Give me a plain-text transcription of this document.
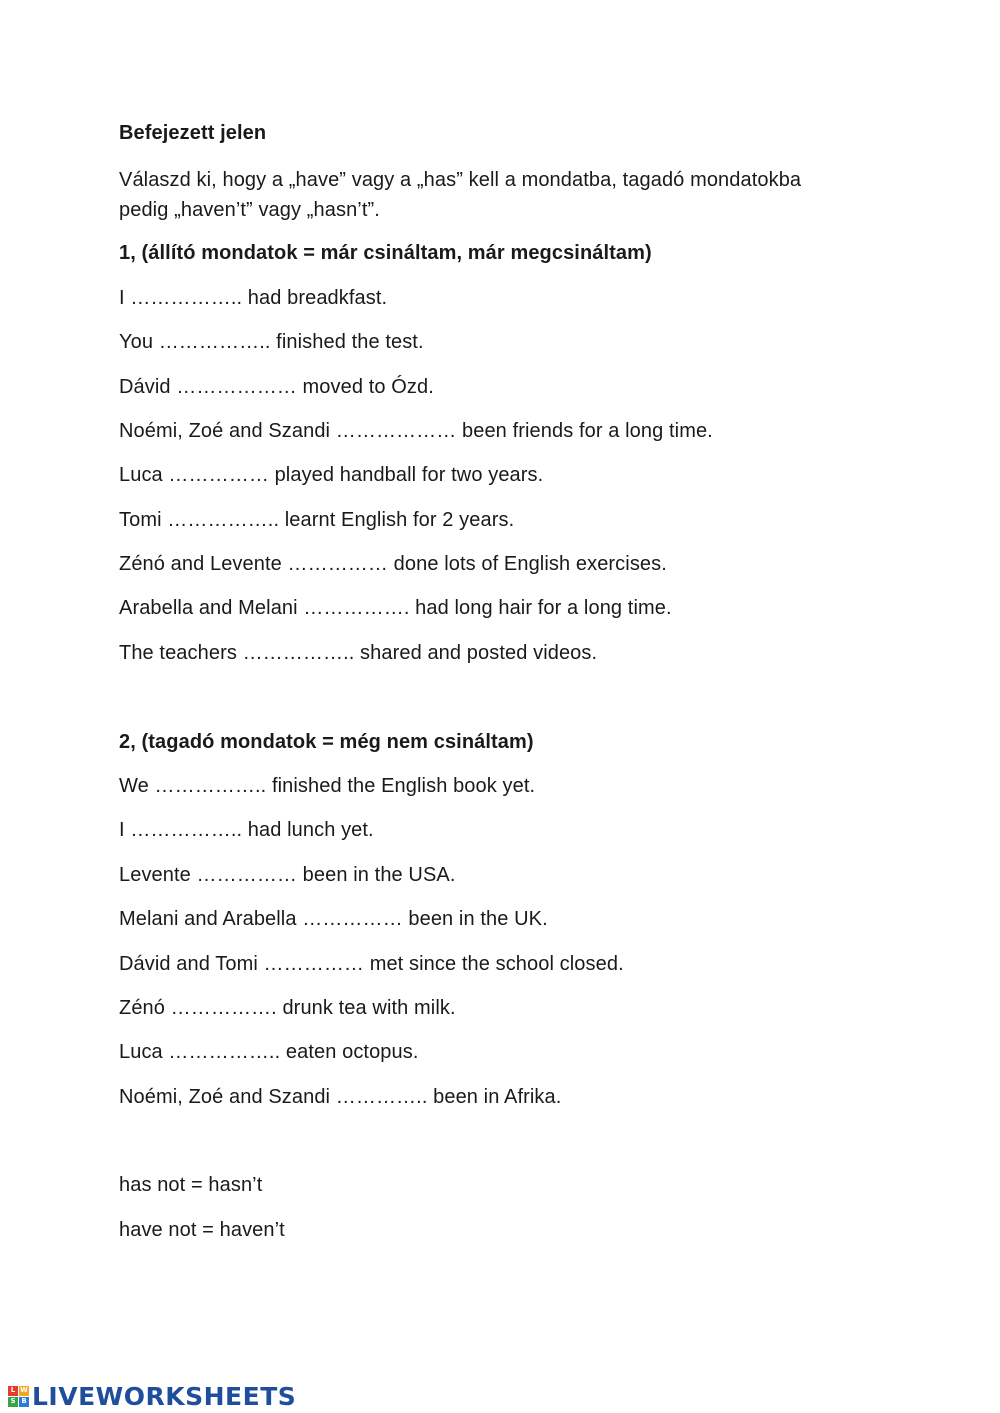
Befejezett jelen
Válaszd ki, hogy a „have” vagy a „has” kell a mondatba, tagadó mondatokba
pedig „haven’t” vagy „hasn’t”.
1, (állító mondatok = már csináltam, már megcsináltam)
I …………….. had breadkfast.
You …………….. finished the test.
Dávid ……………… moved to Ózd.
Noémi, Zoé and Szandi ……………… been friends for a long time.
Luca …………… played handball for two years.
Tomi …………….. learnt English for 2 years.
Zénó and Levente …………… done lots of English exercises.
Arabella and Melani ……………. had long hair for a long time.
The teachers …………….. shared and posted videos.
2, (tagadó mondatok = még nem csináltam)
We …………….. finished the English book yet.
I …………….. had lunch yet.
Levente …………… been in the USA.
Melani and Arabella …………… been in the UK.
Dávid and Tomi …………… met since the school closed.
Zénó ……………. drunk tea with milk.
Luca …………….. eaten octopus.
Noémi, Zoé and Szandi ………….. been in Afrika.
has not = hasn’t
have not = haven’t
L W
S B LIVEWORKSHEETS
